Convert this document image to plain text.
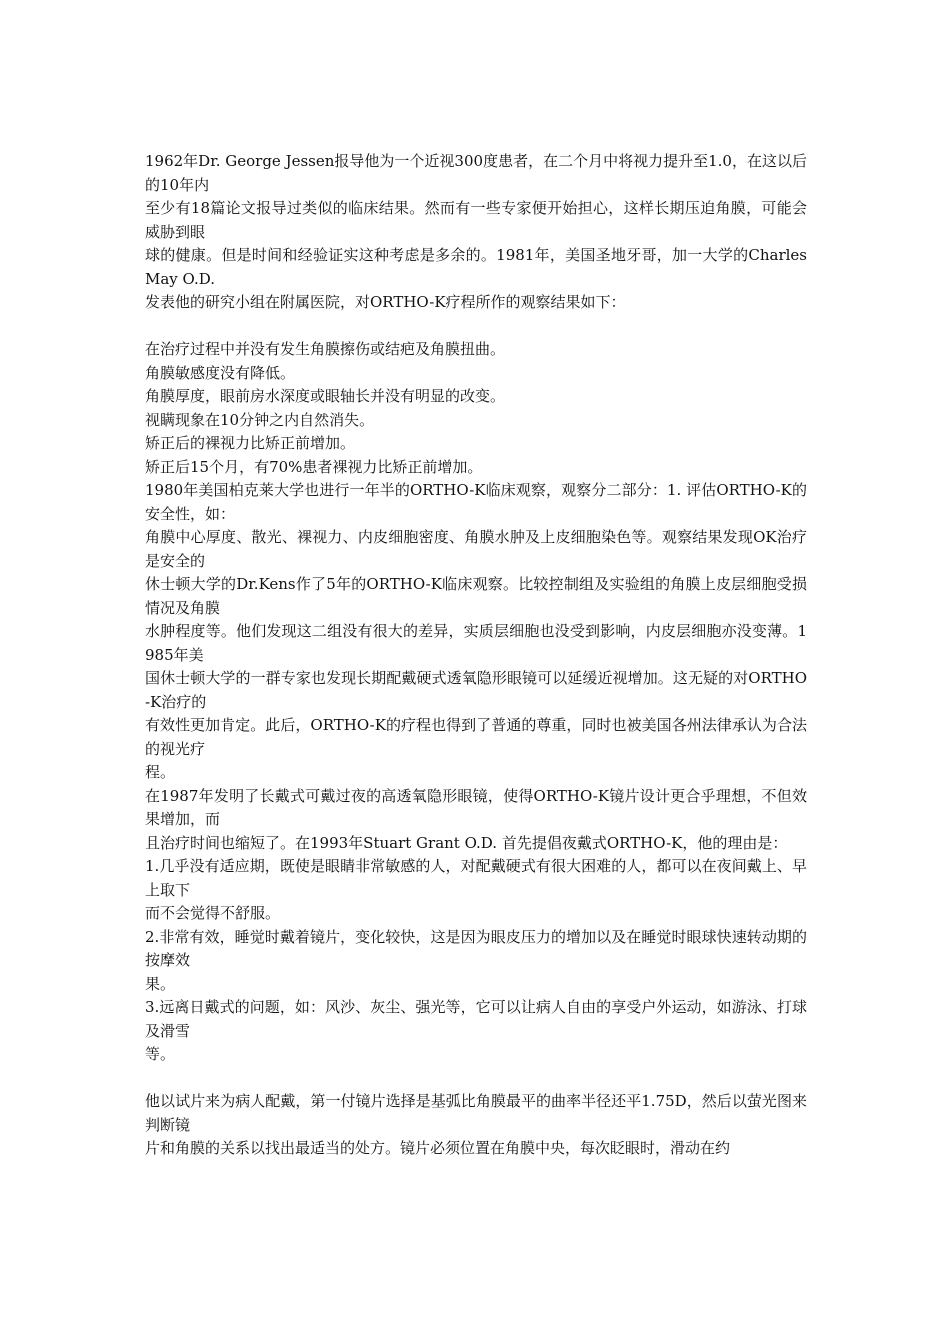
1962年Dr. George Jessen报导他为一个近视300度患者，在二个月中将视力提升至1.0，在这以后的10年内
至少有18篇论文报导过类似的临床结果。然而有一些专家便开始担心，这样长期压迫角膜，可能会威胁到眼
球的健康。但是时间和经验证实这种考虑是多余的。1981年，美国圣地牙哥，加一大学的Charles May O.D.
发表他的研究小组在附属医院，对ORTHO-K疗程所作的观察结果如下：
在治疗过程中并没有发生角膜擦伤或结疤及角膜扭曲。
角膜敏感度没有降低。
角膜厚度，眼前房水深度或眼轴长并没有明显的改变。
视瞒现象在10分钟之内自然消失。
矫正后的裸视力比矫正前增加。
矫正后15个月，有70%患者裸视力比矫正前增加。
1980年美国柏克莱大学也进行一年半的ORTHO-K临床观察，观察分二部分：1. 评估ORTHO-K的安全性，如：
角膜中心厚度、散光、裸视力、内皮细胞密度、角膜水肿及上皮细胞染色等。观察结果发现OK治疗是安全的
休士顿大学的Dr.Kens作了5年的ORTHO-K临床观察。比较控制组及实验组的角膜上皮层细胞受损情况及角膜
水肿程度等。他们发现这二组没有很大的差异，实质层细胞也没受到影响，内皮层细胞亦没变薄。1985年美
国休士顿大学的一群专家也发现长期配戴硬式透氧隐形眼镜可以延缓近视增加。这无疑的对ORTHO-K治疗的
有效性更加肯定。此后，ORTHO-K的疗程也得到了普通的尊重，同时也被美国各州法律承认为合法的视光疗
程。
在1987年发明了长戴式可戴过夜的高透氧隐形眼镜，使得ORTHO-K镜片设计更合乎理想，不但效果增加，而
且治疗时间也缩短了。在1993年Stuart Grant O.D. 首先提倡夜戴式ORTHO-K，他的理由是：
1.几乎没有适应期，既使是眼睛非常敏感的人，对配戴硬式有很大困难的人，都可以在夜间戴上、早上取下
而不会觉得不舒服。
2.非常有效，睡觉时戴着镜片，变化较快，这是因为眼皮压力的增加以及在睡觉时眼球快速转动期的按摩效
果。
3.远离日戴式的问题，如：风沙、灰尘、强光等，它可以让病人自由的享受户外运动，如游泳、打球及滑雪
等。
他以试片来为病人配戴，第一付镜片选择是基弧比角膜最平的曲率半径还平1.75D，然后以萤光图来判断镜
片和角膜的关系以找出最适当的处方。镜片必须位置在角膜中央，每次眨眼时，滑动在约
